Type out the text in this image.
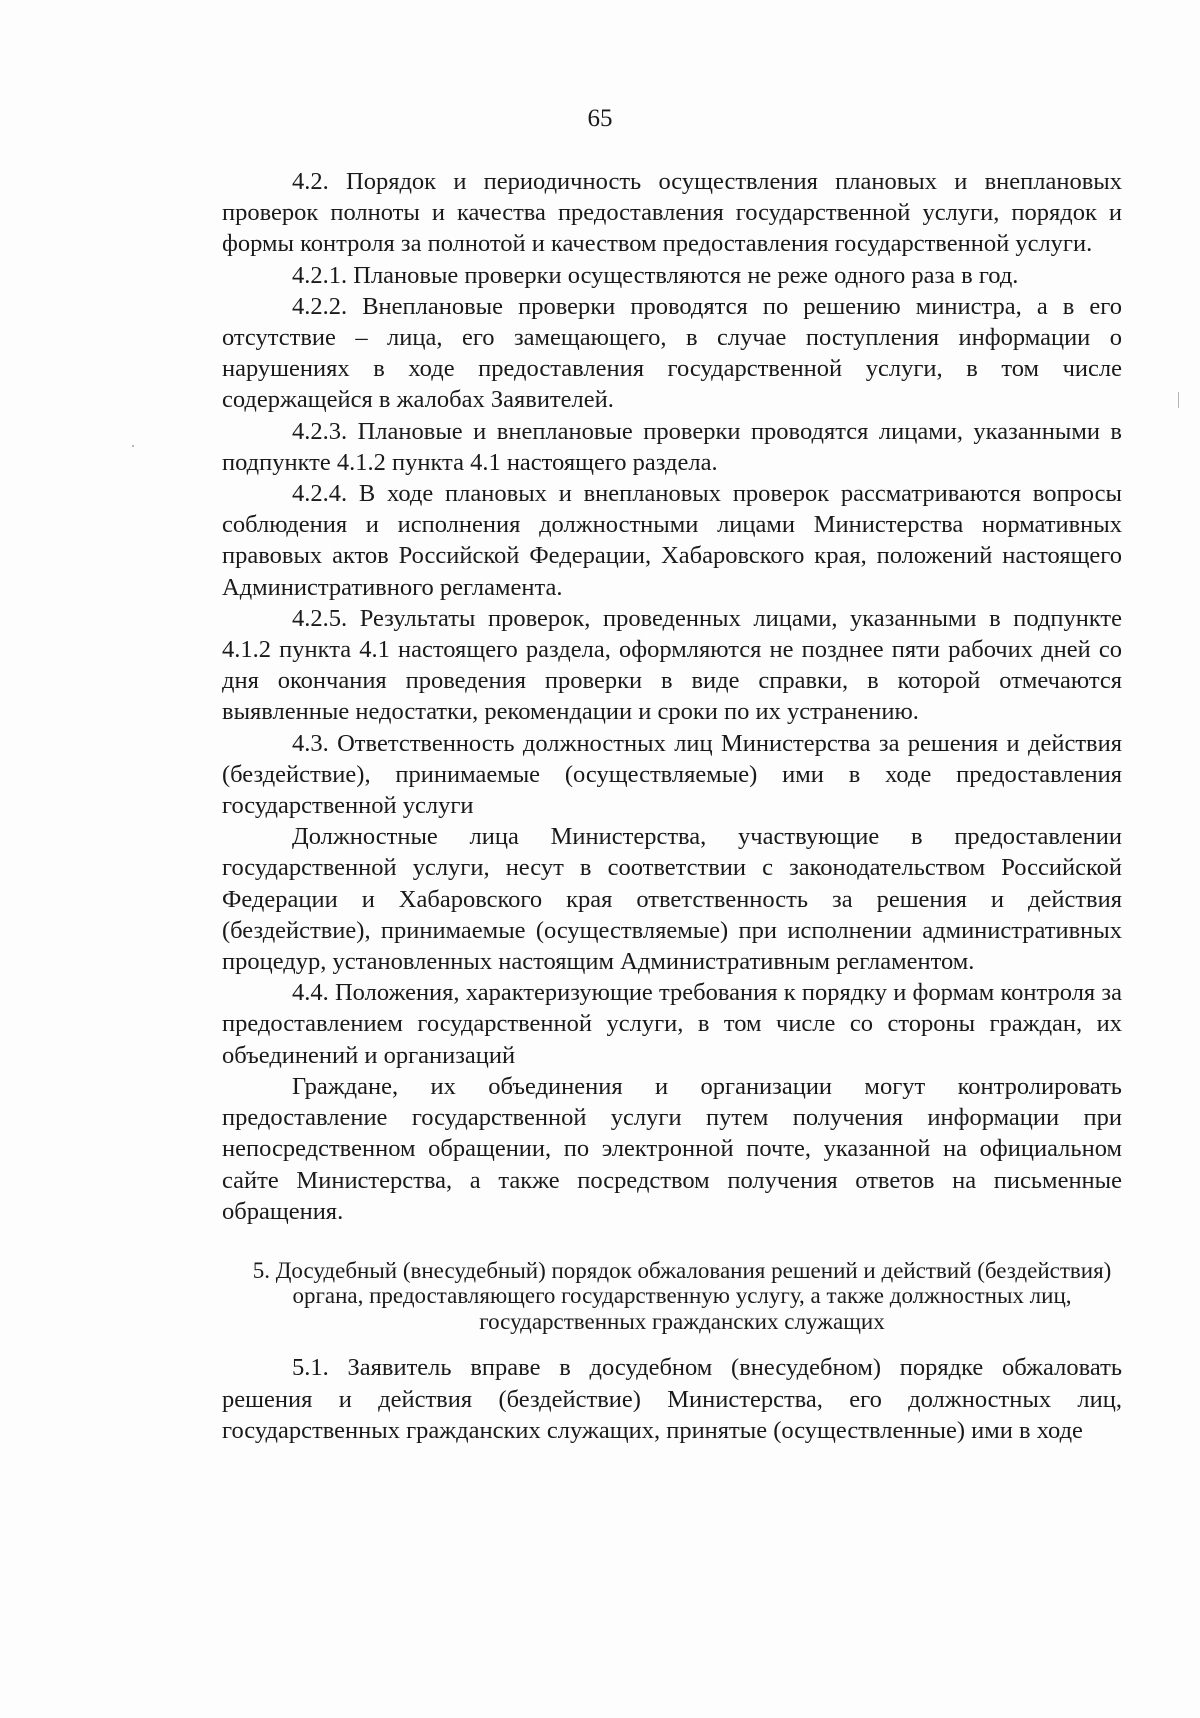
65

4.2. Порядок и периодичность осуществления плановых и внеплановых проверок полноты и качества предоставления государственной услуги, порядок и формы контроля за полнотой и качеством предоставления государственной услуги.

4.2.1. Плановые проверки осуществляются не реже одного раза в год.

4.2.2. Внеплановые проверки проводятся по решению министра, а в его отсутствие – лица, его замещающего, в случае поступления информации о нарушениях в ходе предоставления государственной услуги, в том числе содержащейся в жалобах Заявителей.

4.2.3. Плановые и внеплановые проверки проводятся лицами, указанными в подпункте 4.1.2 пункта 4.1 настоящего раздела.

4.2.4. В ходе плановых и внеплановых проверок рассматриваются вопросы соблюдения и исполнения должностными лицами Министерства нормативных правовых актов Российской Федерации, Хабаровского края, положений настоящего Административного регламента.

4.2.5. Результаты проверок, проведенных лицами, указанными в подпункте 4.1.2 пункта 4.1 настоящего раздела, оформляются не позднее пяти рабочих дней со дня окончания проведения проверки в виде справки, в которой отмечаются выявленные недостатки, рекомендации и сроки по их устранению.

4.3. Ответственность должностных лиц Министерства за решения и действия (бездействие), принимаемые (осуществляемые) ими в ходе предоставления государственной услуги

Должностные лица Министерства, участвующие в предоставлении государственной услуги, несут в соответствии с законодательством Российской Федерации и Хабаровского края ответственность за решения и действия (бездействие), принимаемые (осуществляемые) при исполнении административных процедур, установленных настоящим Административным регламентом.

4.4. Положения, характеризующие требования к порядку и формам контроля за предоставлением государственной услуги, в том числе со стороны граждан, их объединений и организаций

Граждане, их объединения и организации могут контролировать предоставление государственной услуги путем получения информации при непосредственном обращении, по электронной почте, указанной на официальном сайте Министерства, а также посредством получения ответов на письменные обращения.

5. Досудебный (внесудебный) порядок обжалования решений и действий (бездействия) органа, предоставляющего государственную услугу, а также должностных лиц, государственных гражданских служащих

5.1. Заявитель вправе в досудебном (внесудебном) порядке обжаловать решения и действия (бездействие) Министерства, его должностных лиц, государственных гражданских служащих, принятые (осуществленные) ими в ходе
